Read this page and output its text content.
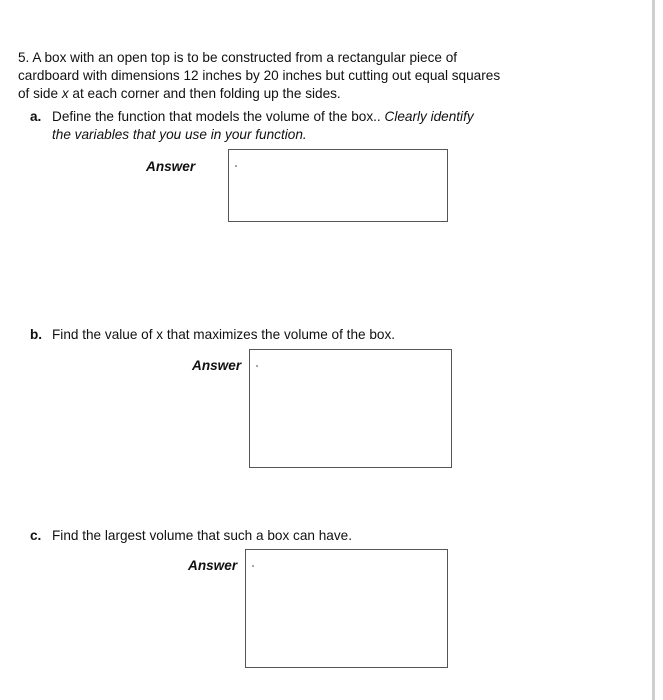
5. A box with an open top is to be constructed from a rectangular piece of
cardboard with dimensions 12 inches by 20 inches but cutting out equal squares
of side x at each corner and then folding up the sides.
a. Define the function that models the volume of the box.. Clearly identify
the variables that you use in your function.
Answer
b. Find the value of x that maximizes the volume of the box.
Answer
c. Find the largest volume that such a box can have.
Answer
